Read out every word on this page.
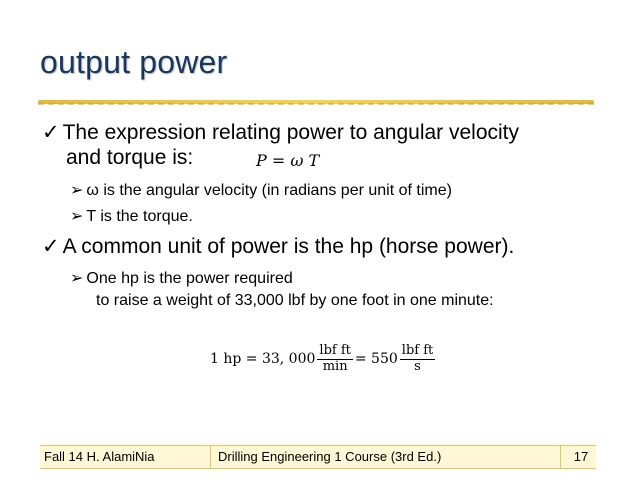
output power
✓ The expression relating power to angular velocity
and torque is:	P = ω T
➢ ω is the angular velocity (in radians per unit of time)
➢ T is the torque.
✓ A common unit of power is the hp (horse power).
➢ One hp is the power required
to raise a weight of 33,000 lbf by one foot in one minute:
1 hp = 33, $000 \frac{\text{lbf ft}}{\min} = 550 \frac{\text{lbf ft}}{s}$
Fall 14 H. AlamiNia	Drilling Engineering 1 Course (3rd Ed.)	17
